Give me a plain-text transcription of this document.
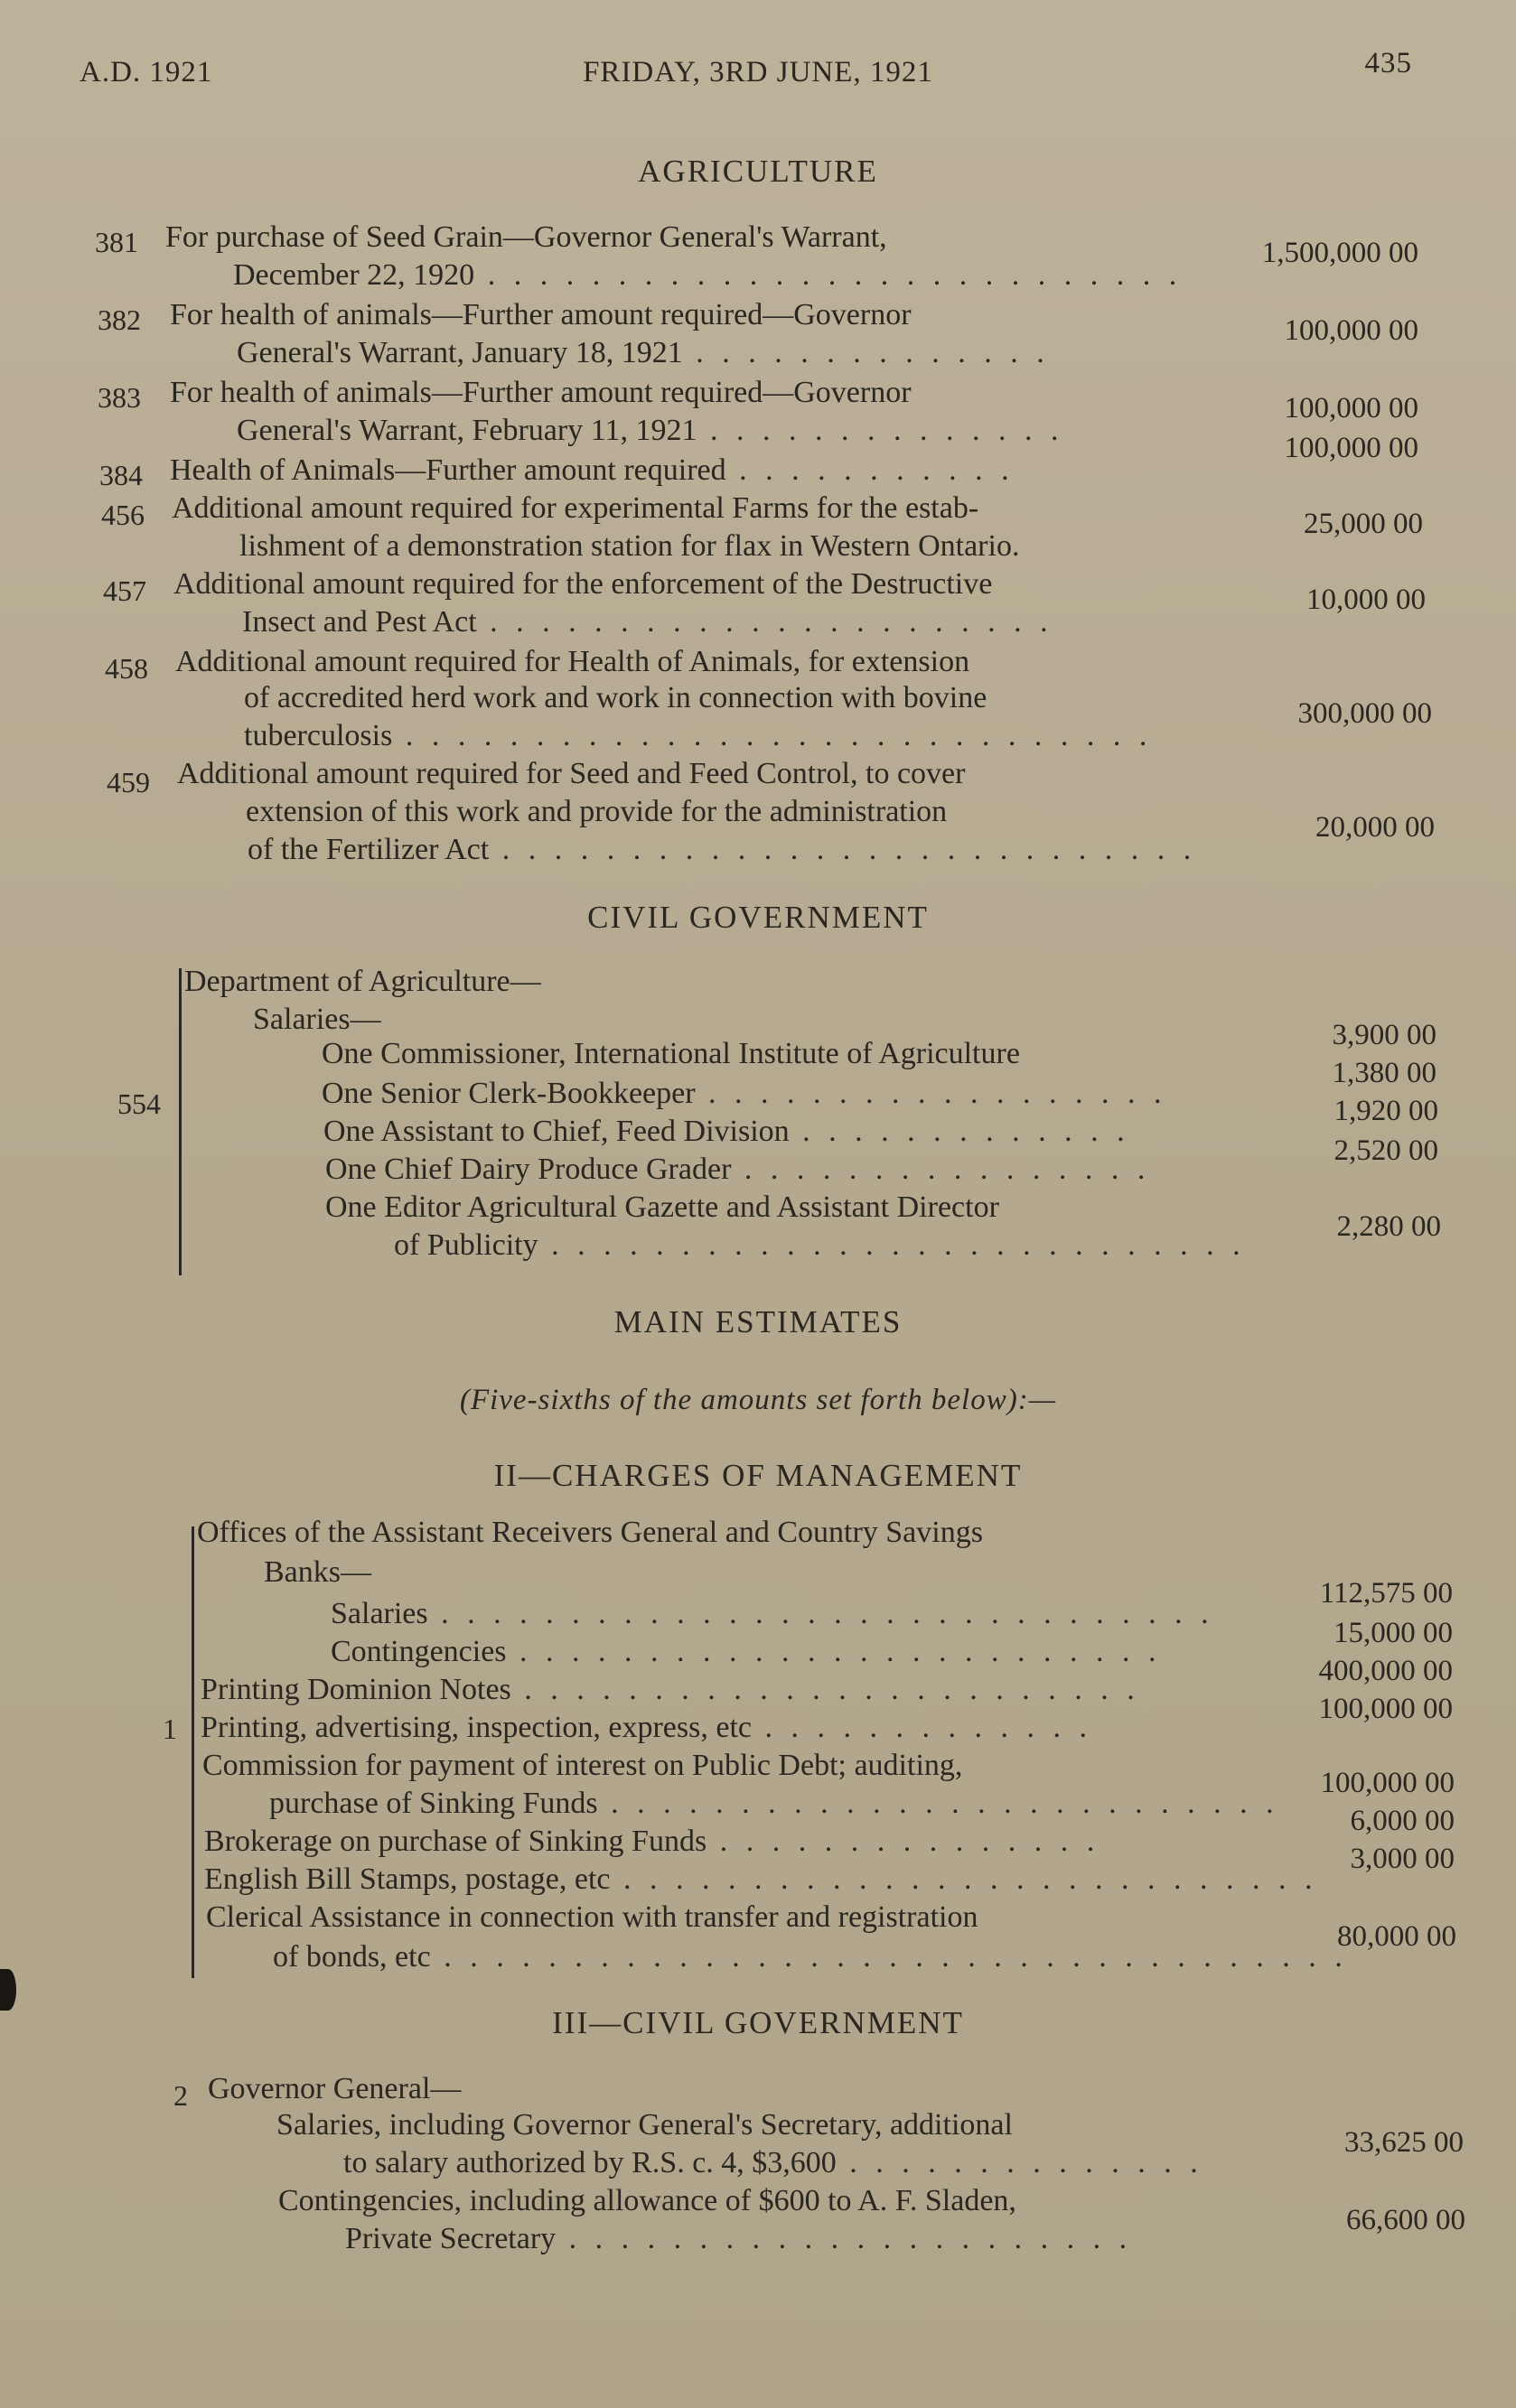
A.D. 1921	FRIDAY, 3RD JUNE, 1921	435
AGRICULTURE
381 For purchase of Seed Grain—Governor General's Warrant,
December 22, 1920 . . . . . . . . . . . . . . . . . . . . . . . . . . .
1,500,000 00
382 For health of animals—Further amount required—Governor
General's Warrant, January 18, 1921 . . . . . . . . . . . . . .
100,000 00
383 For health of animals—Further amount required—Governor
General's Warrant, February 11, 1921 . . . . . . . . . . . . . .
100,000 00
384 Health of Animals—Further amount required . . . . . . . . . . .
100,000 00
456 Additional amount required for experimental Farms for the estab-
lishment of a demonstration station for flax in Western Ontario.
25,000 00
457 Additional amount required for the enforcement of the Destructive
Insect and Pest Act . . . . . . . . . . . . . . . . . . . . . .
10,000 00
458 Additional amount required for Health of Animals, for extension
of accredited herd work and work in connection with bovine
tuberculosis . . . . . . . . . . . . . . . . . . . . . . . . . . . . .
300,000 00
459 Additional amount required for Seed and Feed Control, to cover
extension of this work and provide for the administration
of the Fertilizer Act . . . . . . . . . . . . . . . . . . . . . . . . . . .
20,000 00
CIVIL GOVERNMENT
554
Department of Agriculture—
Salaries—
One Commissioner, International Institute of Agriculture
3,900 00
One Senior Clerk-Bookkeeper . . . . . . . . . . . . . . . . . .
1,380 00
One Assistant to Chief, Feed Division . . . . . . . . . . . . .
1,920 00
One Chief Dairy Produce Grader . . . . . . . . . . . . . . . .
2,520 00
One Editor Agricultural Gazette and Assistant Director
of Publicity . . . . . . . . . . . . . . . . . . . . . . . . . . .
2,280 00
MAIN ESTIMATES
(Five-sixths of the amounts set forth below):—
II—CHARGES OF MANAGEMENT
1
Offices of the Assistant Receivers General and Country Savings
Banks—
Salaries . . . . . . . . . . . . . . . . . . . . . . . . . . . . . .
112,575 00
Contingencies . . . . . . . . . . . . . . . . . . . . . . . . .
15,000 00
Printing Dominion Notes . . . . . . . . . . . . . . . . . . . . . . . .
400,000 00
Printing, advertising, inspection, express, etc . . . . . . . . . . . . .
100,000 00
Commission for payment of interest on Public Debt; auditing,
purchase of Sinking Funds . . . . . . . . . . . . . . . . . . . . . . . . . .
100,000 00
Brokerage on purchase of Sinking Funds . . . . . . . . . . . . . . .
6,000 00
English Bill Stamps, postage, etc . . . . . . . . . . . . . . . . . . . . . . . . . . .
3,000 00
Clerical Assistance in connection with transfer and registration
of bonds, etc . . . . . . . . . . . . . . . . . . . . . . . . . . . . . . . . . . .
80,000 00
III—CIVIL GOVERNMENT
2 Governor General—
Salaries, including Governor General's Secretary, additional
to salary authorized by R.S. c. 4, $3,600 . . . . . . . . . . . . . .
33,625 00
Contingencies, including allowance of $600 to A. F. Sladen,
Private Secretary . . . . . . . . . . . . . . . . . . . . . .
66,600 00
